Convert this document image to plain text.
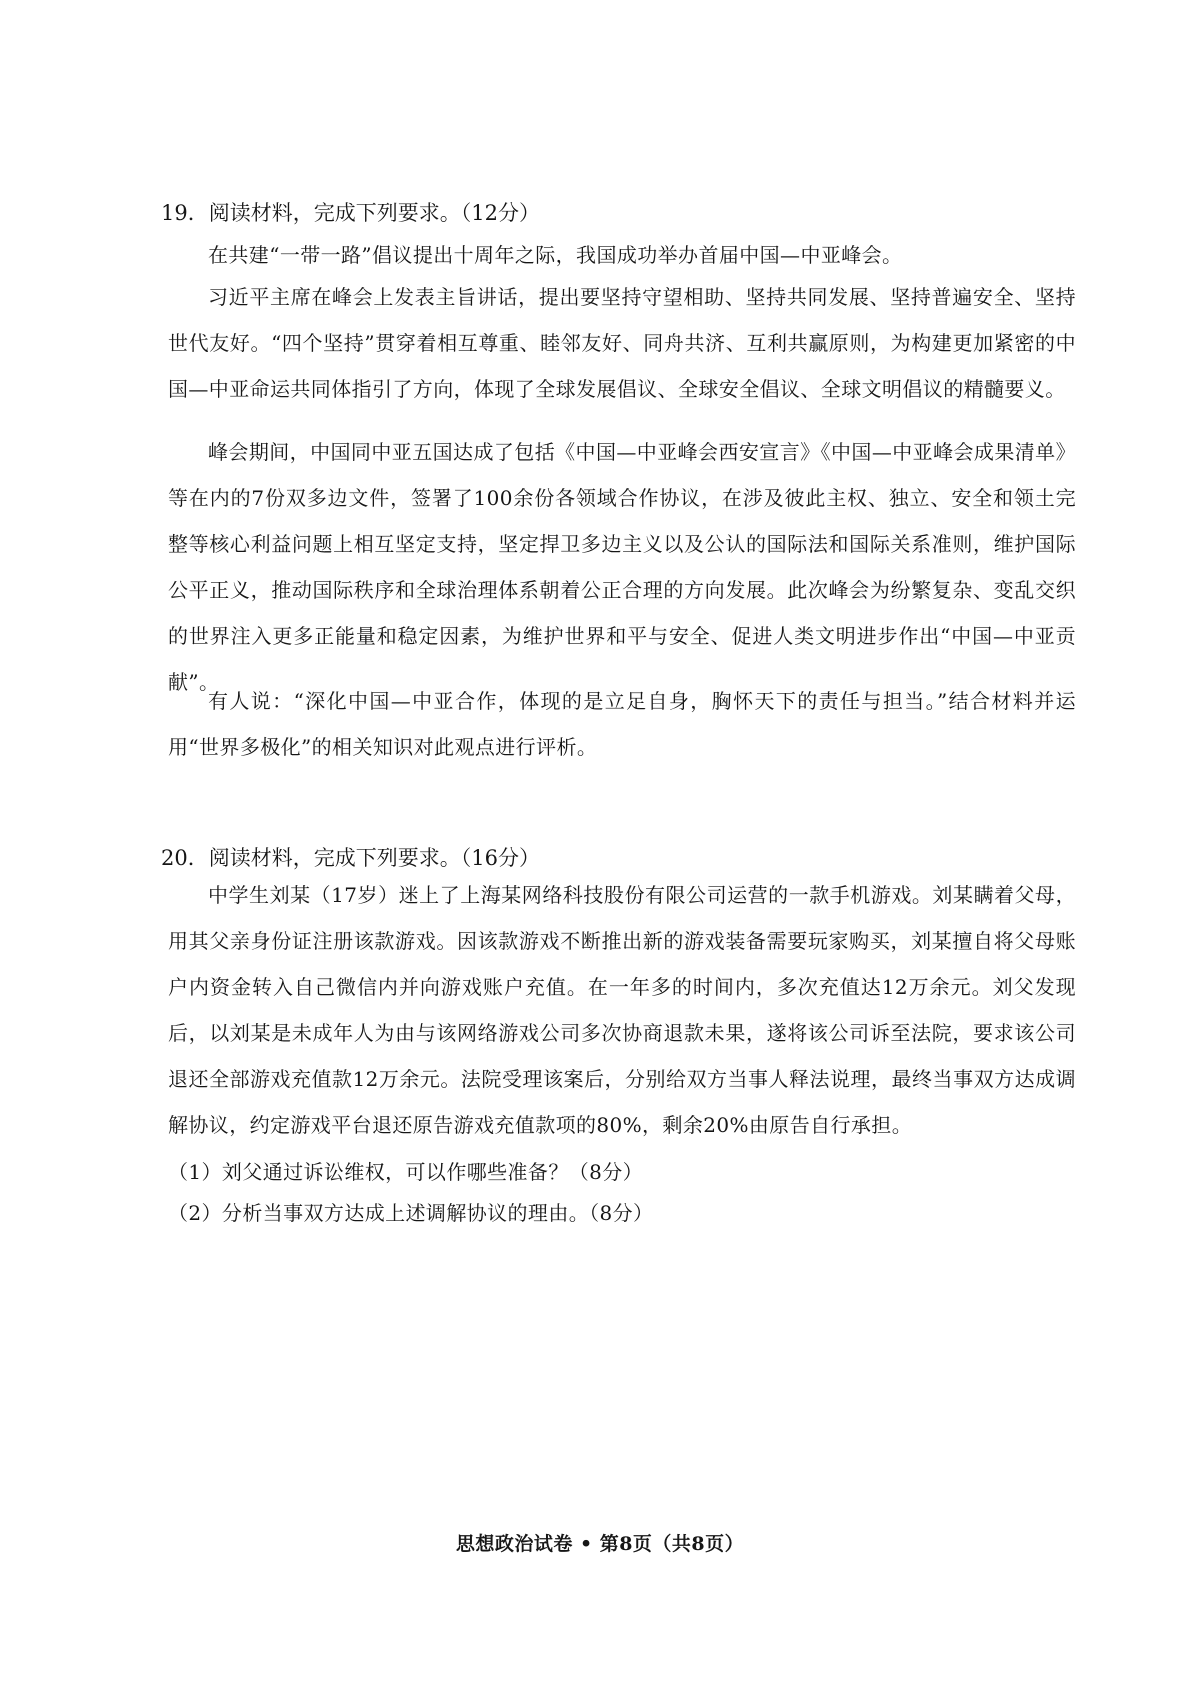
19．阅读材料，完成下列要求。（12分）
在共建“一带一路”倡议提出十周年之际，我国成功举办首届中国—中亚峰会。
习近平主席在峰会上发表主旨讲话，提出要坚持守望相助、坚持共同发展、坚持普遍安全、坚持世代友好。“四个坚持”贯穿着相互尊重、睦邻友好、同舟共济、互利共赢原则，为构建更加紧密的中国—中亚命运共同体指引了方向，体现了全球发展倡议、全球安全倡议、全球文明倡议的精髓要义。
峰会期间，中国同中亚五国达成了包括《中国—中亚峰会西安宣言》《中国—中亚峰会成果清单》等在内的7份双多边文件，签署了100余份各领域合作协议，在涉及彼此主权、独立、安全和领土完整等核心利益问题上相互坚定支持，坚定捍卫多边主义以及公认的国际法和国际关系准则，维护国际公平正义，推动国际秩序和全球治理体系朝着公正合理的方向发展。此次峰会为纷繁复杂、变乱交织的世界注入更多正能量和稳定因素，为维护世界和平与安全、促进人类文明进步作出“中国—中亚贡献”。
有人说：“深化中国—中亚合作，体现的是立足自身，胸怀天下的责任与担当。”结合材料并运用“世界多极化”的相关知识对此观点进行评析。
20．阅读材料，完成下列要求。（16分）
中学生刘某（17岁）迷上了上海某网络科技股份有限公司运营的一款手机游戏。刘某瞒着父母，用其父亲身份证注册该款游戏。因该款游戏不断推出新的游戏装备需要玩家购买，刘某擅自将父母账户内资金转入自己微信内并向游戏账户充值。在一年多的时间内，多次充值达12万余元。刘父发现后，以刘某是未成年人为由与该网络游戏公司多次协商退款未果，遂将该公司诉至法院，要求该公司退还全部游戏充值款12万余元。法院受理该案后，分别给双方当事人释法说理，最终当事双方达成调解协议，约定游戏平台退还原告游戏充值款项的80%，剩余20%由原告自行承担。
（1）刘父通过诉讼维权，可以作哪些准备？（8分）
（2）分析当事双方达成上述调解协议的理由。（8分）
思想政治试卷 • 第8页（共8页）
